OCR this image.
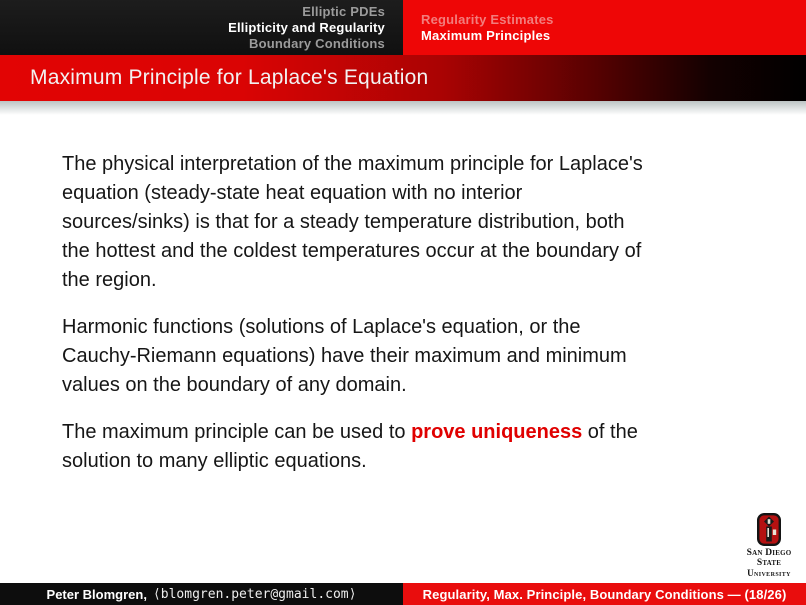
Elliptic PDEs
Ellipticity and Regularity
Boundary Conditions
Regularity Estimates
Maximum Principles
Maximum Principle for Laplace's Equation
The physical interpretation of the maximum principle for Laplace's
equation (steady-state heat equation with no interior
sources/sinks) is that for a steady temperature distribution, both
the hottest and the coldest temperatures occur at the boundary of
the region.
Harmonic functions (solutions of Laplace's equation, or the
Cauchy-Riemann equations) have their maximum and minimum
values on the boundary of any domain.
The maximum principle can be used to prove uniqueness of the
solution to many elliptic equations.
San Diego State
University
Peter Blomgren, ⟨blomgren.peter@gmail.com⟩	Regularity, Max. Principle, Boundary Conditions — (18/26)
